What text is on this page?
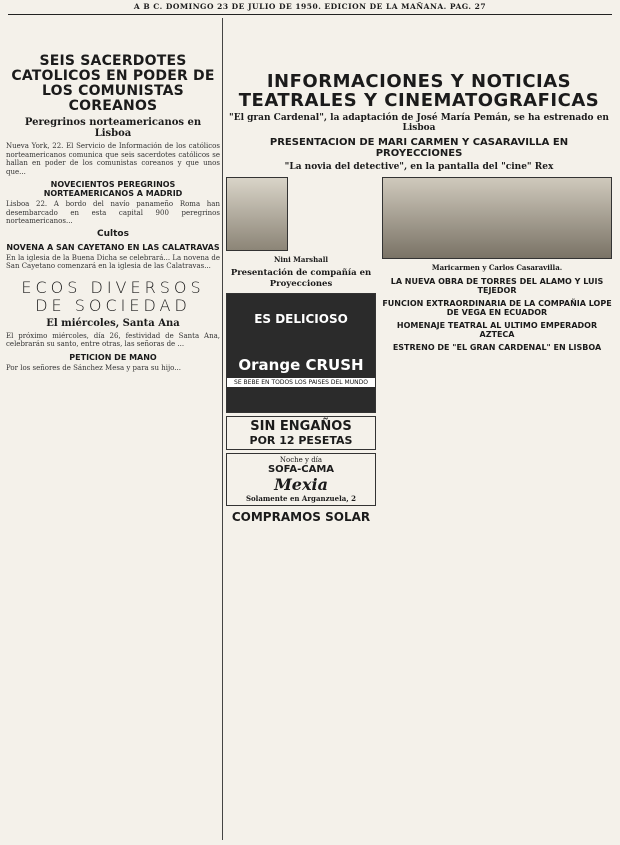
A B C. DOMINGO 23 DE JULIO DE 1950. EDICION DE LA MAÑANA. PAG. 27
SEIS SACERDOTES CATOLICOS EN PODER DE LOS COMUNISTAS COREANOS
Peregrinos norteamericanos en Lisboa

Nueva York, 22. El Servicio de Información de los católicos norteamericanos comunica que seis sacerdotes católicos se hallan en poder de los comunistas coreanos y que unos que...

NOVECIENTOS PEREGRINOS NORTEAMERICANOS A MADRID

Lisboa 22. A bordo del navío panameño Roma han desembarcado en esta capital 900 peregrinos norteamericanos...

Cultos
NOVENA A SAN CAYETANO EN LAS CALATRAVAS

En la iglesia de la Buena Dicha se celebrará... La novena de San Cayetano comenzará en la iglesia de las Calatravas...

ECOS DIVERSOS DE SOCIEDAD
El miércoles, Santa Ana

El próximo miércoles, día 26, festividad de Santa Ana, celebrarán su santo, entre otras, las señoras de ...

PETICION DE MANO

Por los señores de Sánchez Mesa y para su hijo...

INFORMACIONES Y NOTICIAS
TEATRALES Y CINEMATOGRAFICAS
"El gran Cardenal", la adaptación de José María Pemán, se ha estrenado en Lisboa
PRESENTACION DE MARI CARMEN Y CASARAVILLA EN PROYECCIONES
"La novia del detective", en la pantalla del "cine" Rex
Nini Marshall
Presentación de compañía en Proyecciones
ES DELICIOSO
Orange CRUSH
SE BEBE EN TODOS LOS PAISES DEL MUNDO
SIN ENGAÑOS
POR 12 PESETAS
Noche y día
SOFA-CAMA
Mexia
Solamente en Arganzuela, 2
COMPRAMOS SOLAR
Maricarmen y Carlos Casaravilla.
LA NUEVA OBRA DE TORRES DEL ALAMO Y LUIS TEJEDOR
FUNCION EXTRAORDINARIA DE LA COMPAÑIA LOPE DE VEGA EN ECUADOR
HOMENAJE TEATRAL AL ULTIMO EMPERADOR AZTECA
ESTRENO DE "EL GRAN CARDENAL" EN LISBOA
